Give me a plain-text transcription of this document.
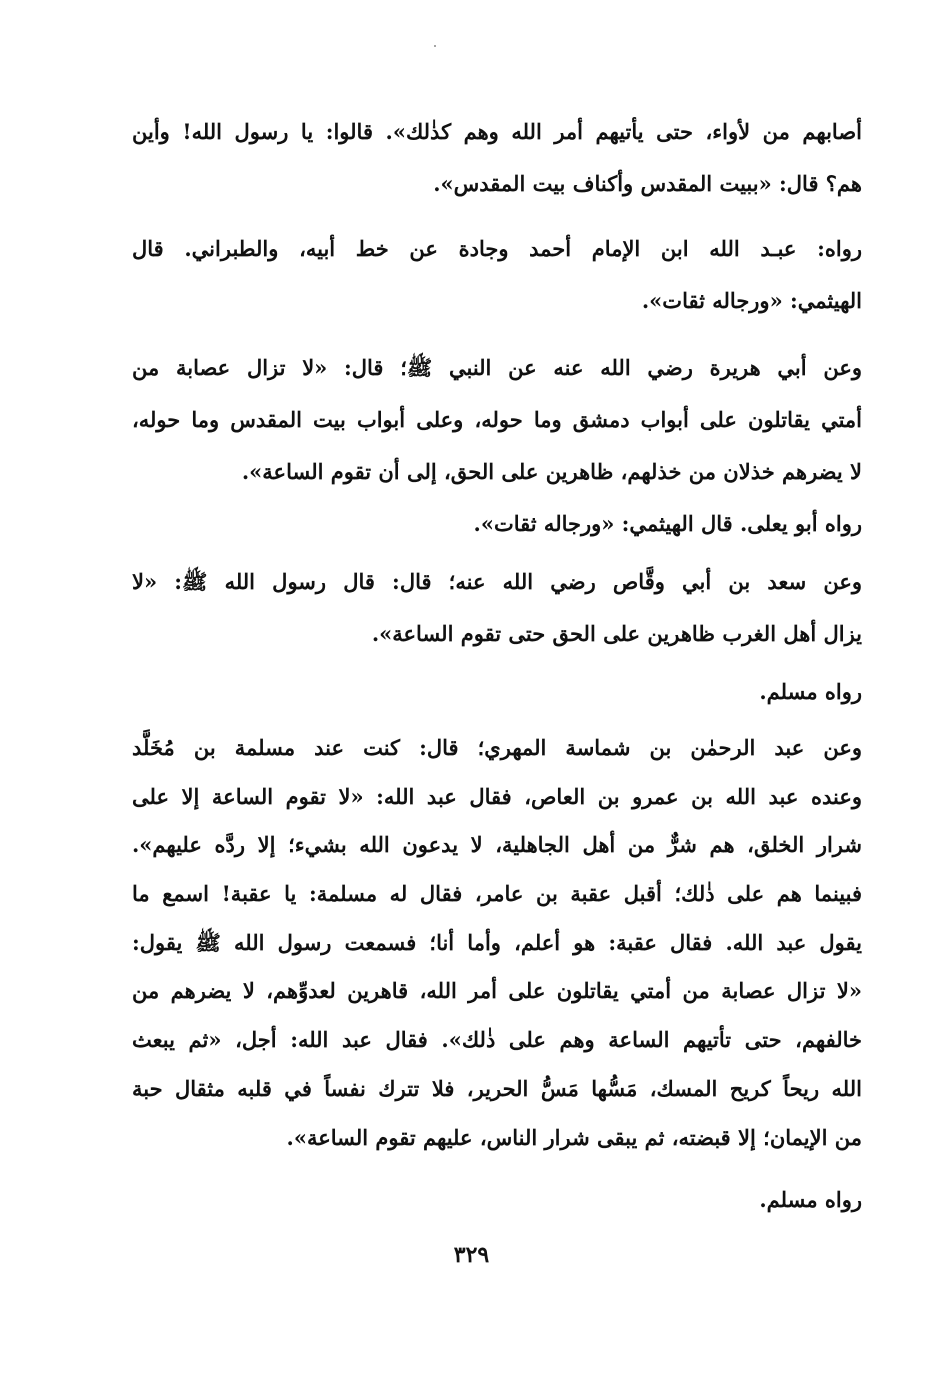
أصابهم من لأواء، حتى يأتيهم أمر الله وهم كذٰلك». قالوا: يا رسول الله! وأين
هم؟ قال: «ببيت المقدس وأكناف بيت المقدس».
رواه: عبـد الله ابن الإمام أحمد وجادة عن خط أبيه، والطبراني. قال
الهيثمي: «ورجاله ثقات».
وعن أبي هريرة رضي الله عنه عن النبي ﷺ؛ قال: «لا تزال عصابة من
أمتي يقاتلون على أبواب دمشق وما حوله، وعلى أبواب بيت المقدس وما حوله،
لا يضرهم خذلان من خذلهم، ظاهرين على الحق، إلى أن تقوم الساعة».
رواه أبو يعلى. قال الهيثمي: «ورجاله ثقات».
وعن سعد بن أبي وقَّاص رضي الله عنه؛ قال: قال رسول الله ﷺ: «لا
يزال أهل الغرب ظاهرين على الحق حتى تقوم الساعة».
رواه مسلم.
وعن عبد الرحمٰن بن شماسة المهري؛ قال: كنت عند مسلمة بن مُخَلَّد
وعنده عبد الله بن عمرو بن العاص، فقال عبد الله: «لا تقوم الساعة إلا على
شرار الخلق، هم شرٌّ من أهل الجاهلية، لا يدعون الله بشيء؛ إلا ردَّه عليهم».
فبينما هم على ذٰلك؛ أقبل عقبة بن عامر، فقال له مسلمة: يا عقبة! اسمع ما
يقول عبد الله. فقال عقبة: هو أعلم، وأما أنا؛ فسمعت رسول الله ﷺ يقول:
«لا تزال عصابة من أمتي يقاتلون على أمر الله، قاهرين لعدوِّهم، لا يضرهم من
خالفهم، حتى تأتيهم الساعة وهم على ذٰلك». فقال عبد الله: أجل، «ثم يبعث
الله ريحاً كريح المسك، مَسُّها مَسُّ الحرير، فلا تترك نفساً في قلبه مثقال حبة
من الإيمان؛ إلا قبضته، ثم يبقى شرار الناس، عليهم تقوم الساعة».
رواه مسلم.
٣٢٩
